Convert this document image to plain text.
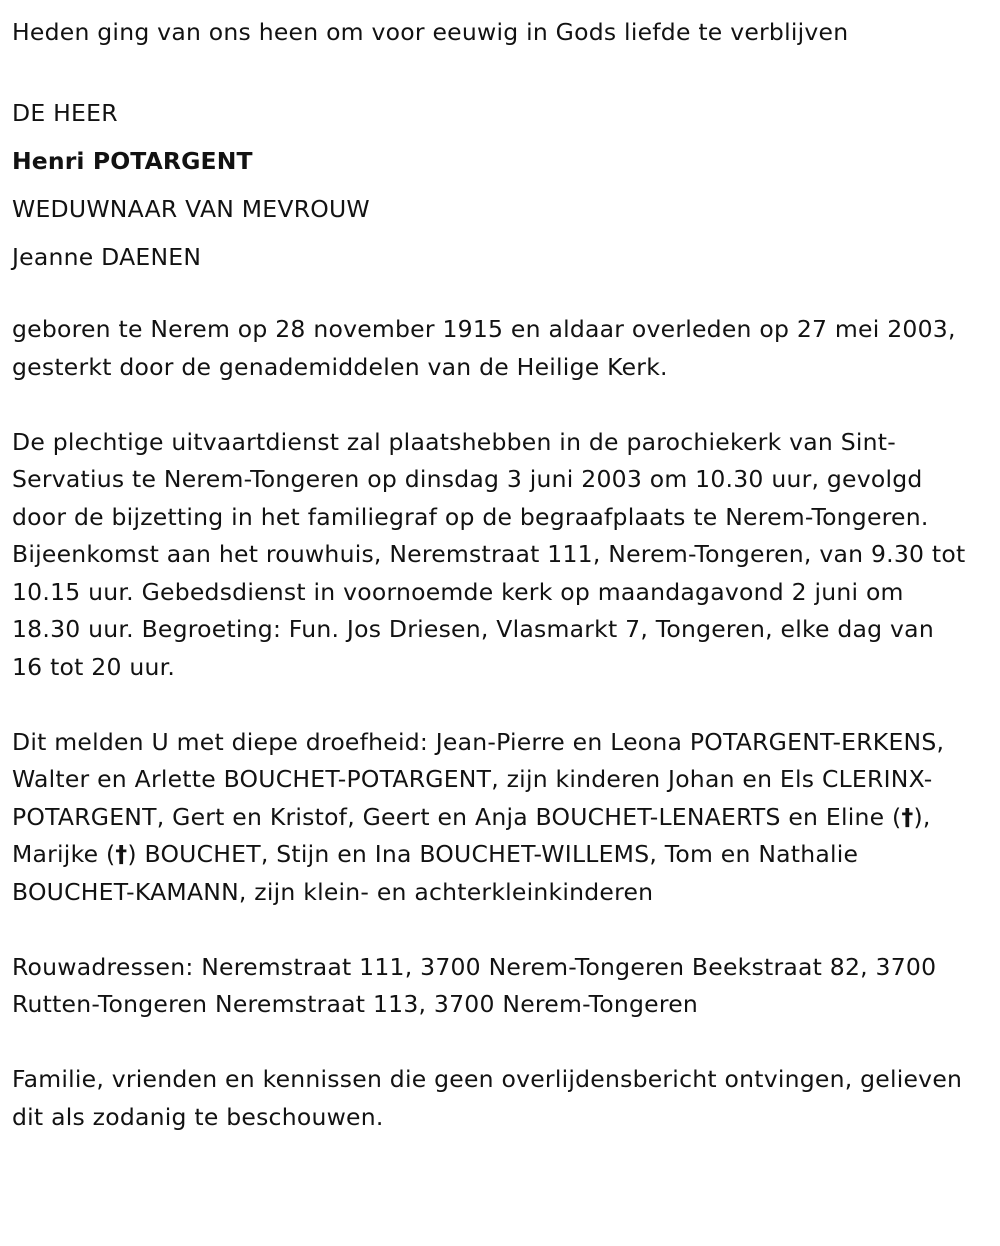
Heden ging van ons heen om voor eeuwig in Gods liefde te verblijven

DE HEER

Henri POTARGENT

WEDUWNAAR VAN MEVROUW

Jeanne DAENEN

geboren te Nerem op 28 november 1915 en aldaar overleden op 27 mei 2003, gesterkt door de genademiddelen van de Heilige Kerk.

De plechtige uitvaartdienst zal plaatshebben in de parochiekerk van Sint-Servatius te Nerem-Tongeren op dinsdag 3 juni 2003 om 10.30 uur, gevolgd door de bijzetting in het familiegraf op de begraafplaats te Nerem-Tongeren. Bijeenkomst aan het rouwhuis, Neremstraat 111, Nerem-Tongeren, van 9.30 tot 10.15 uur. Gebedsdienst in voornoemde kerk op maandagavond 2 juni om 18.30 uur. Begroeting: Fun. Jos Driesen, Vlasmarkt 7, Tongeren, elke dag van 16 tot 20 uur.

Dit melden U met diepe droefheid: Jean-Pierre en Leona POTARGENT-ERKENS, Walter en Arlette BOUCHET-POTARGENT, zijn kinderen Johan en Els CLERINX-POTARGENT, Gert en Kristof, Geert en Anja BOUCHET-LENAERTS en Eline (†), Marijke (†) BOUCHET, Stijn en Ina BOUCHET-WILLEMS, Tom en Nathalie BOUCHET-KAMANN, zijn klein- en achterkleinkinderen

Rouwadressen: Neremstraat 111, 3700 Nerem-Tongeren Beekstraat 82, 3700 Rutten-Tongeren Neremstraat 113, 3700 Nerem-Tongeren

Familie, vrienden en kennissen die geen overlijdensbericht ontvingen, gelieven dit als zodanig te beschouwen.
